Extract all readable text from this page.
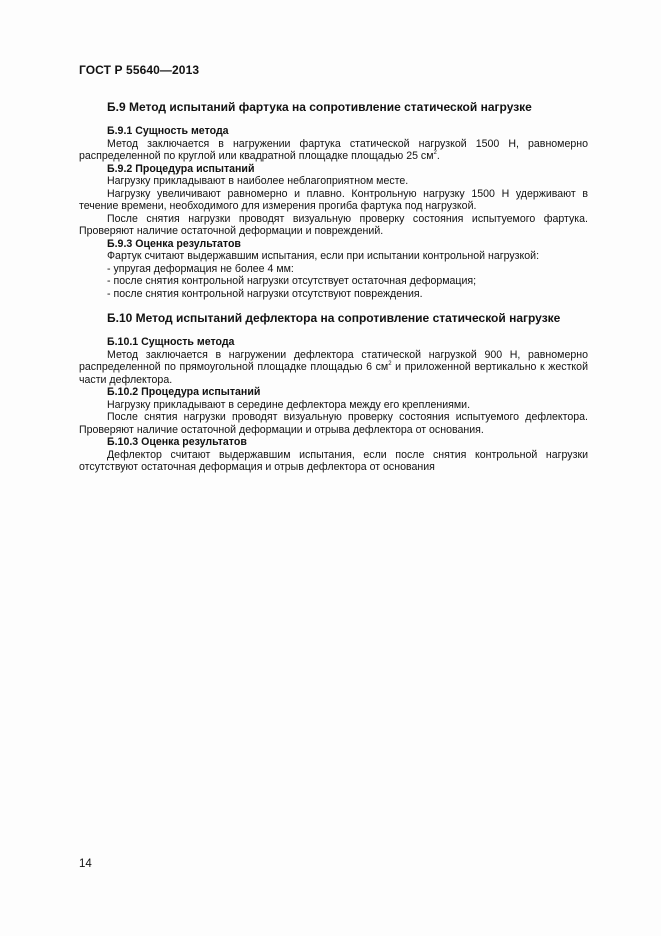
ГОСТ Р 55640—2013
Б.9 Метод испытаний фартука на сопротивление статической нагрузке
Б.9.1 Сущность метода

Метод заключается в нагружении фартука статической нагрузкой 1500 Н, равномерно распределенной по круглой или квадратной площадке площадью 25 $см^2$.

Б.9.2 Процедура испытаний

Нагрузку прикладывают в наиболее неблагоприятном месте.

Нагрузку увеличивают равномерно и плавно. Контрольную нагрузку 1500 Н удерживают в течение времени, необходимого для измерения прогиба фартука под нагрузкой.

После снятия нагрузки проводят визуальную проверку состояния испытуемого фартука. Проверяют наличие остаточной деформации и повреждений.

Б.9.3 Оценка результатов

Фартук считают выдержавшим испытания, если при испытании контрольной нагрузкой:

- упругая деформация не более 4 мм:
- после снятия контрольной нагрузки отсутствует остаточная деформация;
- после снятия контрольной нагрузки отсутствуют повреждения.
Б.10 Метод испытаний дефлектора на сопротивление статической нагрузке
Б.10.1 Сущность метода

Метод заключается в нагружении дефлектора статической нагрузкой 900 Н, равномерно распределенной по прямоугольной площадке площадью 6 $см^2$ и приложенной вертикально к жесткой части дефлектора.

Б.10.2 Процедура испытаний

Нагрузку прикладывают в середине дефлектора между его креплениями.

После снятия нагрузки проводят визуальную проверку состояния испытуемого дефлектора. Проверяют наличие остаточной деформации и отрыва дефлектора от основания.

Б.10.3 Оценка результатов

Дефлектор считают выдержавшим испытания, если после снятия контрольной нагрузки отсутствуют остаточная деформация и отрыв дефлектора от основания

14
